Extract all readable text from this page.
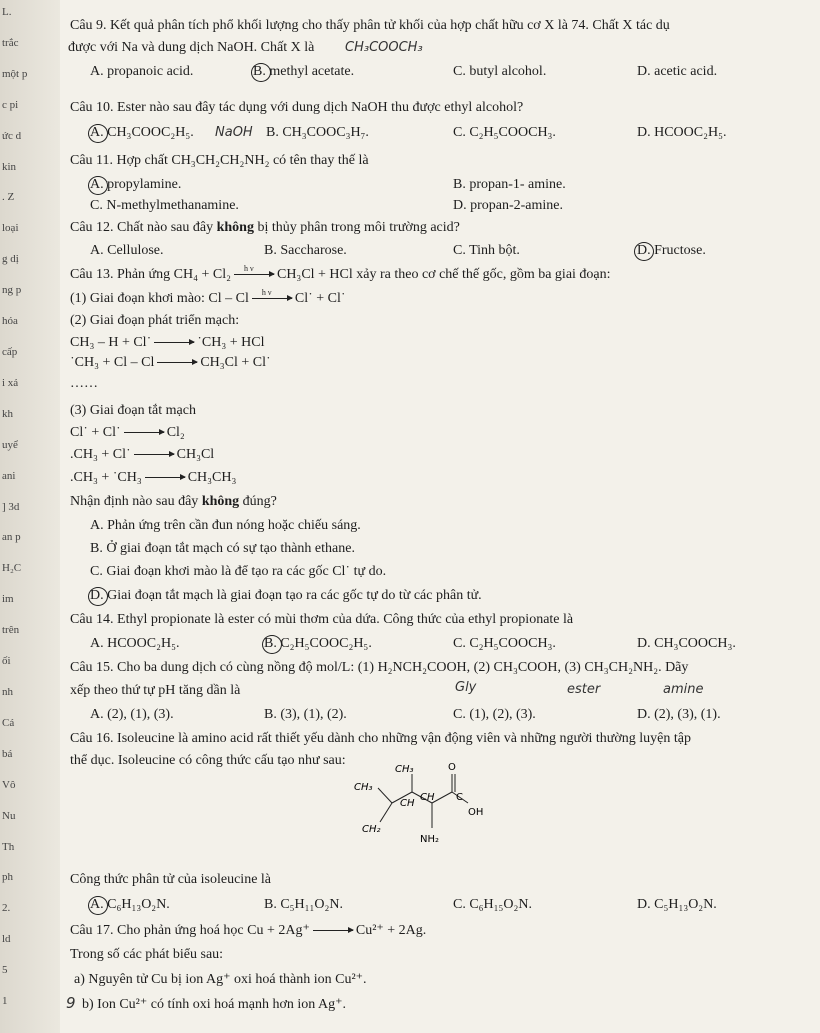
L.
trắc
một p
c pi
ức d
kin
. Z
loại
g dị
ng p
hóa
cấp
i xả
kh
uyể
ani
] 3d
an p
H₂C
im
trên
ối
nh
Cá
bá
Vô
Nu
Th
ph
2.
ld
5
1
Câu 9. Kết quả phân tích phổ khối lượng cho thấy phân tử khối của hợp chất hữu cơ X là 74. Chất X tác dụ
được với Na và dung dịch NaOH. Chất X là CH₃COOCH₃
A. propanoic acid.	B. methyl acetate.	C. butyl alcohol.	D. acetic acid.
Câu 10. Ester nào sau đây tác dụng với dung dịch NaOH thu được ethyl alcohol?
A. CH₃COOC₂H₅. NaOH B. CH₃COOC₃H₇.	C. C₂H₅COOCH₃.	D. HCOOC₂H₅.
Câu 11. Hợp chất CH₃CH₂CH₂NH₂ có tên thay thế là
A. propylamine.	B. propan-1- amine.
C. N-methylmethanamine.	D. propan-2-amine.
Câu 12. Chất nào sau đây không bị thủy phân trong môi trường acid?
A. Cellulose.	B. Saccharose.	C. Tinh bột.	D. Fructose.
Câu 13. Phản ứng CH₄ + Cl₂ h ν CH₃Cl + HCl xảy ra theo cơ chế thế gốc, gồm ba giai đoạn:
(1) Giai đoạn khơi mào: Cl – Cl h ν Cl˙ + Cl˙
(2) Giai đoạn phát triển mạch:
CH₃ – H + Cl˙ → ˙CH₃ + HCl
˙CH₃ + Cl – Cl → CH₃Cl + Cl˙
……
(3) Giai đoạn tắt mạch
Cl˙ + Cl˙ → Cl₂
.CH₃ + Cl˙ → CH₃Cl
.CH₃ + ˙CH₃ → CH₃CH₃
Nhận định nào sau đây không đúng?
A. Phản ứng trên cần đun nóng hoặc chiếu sáng.
B. Ở giai đoạn tắt mạch có sự tạo thành ethane.
C. Giai đoạn khơi mào là để tạo ra các gốc Cl˙ tự do.
D. Giai đoạn tắt mạch là giai đoạn tạo ra các gốc tự do từ các phân tử.
Câu 14. Ethyl propionate là ester có mùi thơm của dứa. Công thức của ethyl propionate là
A. HCOOC₂H₅.	B. C₂H₅COOC₂H₅.	C. C₂H₅COOCH₃.	D. CH₃COOCH₃.
Câu 15. Cho ba dung dịch có cùng nồng độ mol/L: (1) H₂NCH₂COOH, (2) CH₃COOH, (3) CH₃CH₂NH₂. Dãy
xếp theo thứ tự pH tăng dần là	Gly	ester	amine
A. (2), (1), (3).	B. (3), (1), (2).	C. (1), (2), (3).	D. (2), (3), (1).
Câu 16. Isoleucine là amino acid rất thiết yếu dành cho những vận động viên và những người thường luyện tập
thể dục. Isoleucine có công thức cấu tạo như sau:
CH₃
CH₃
CH
CH C
O
OH
CH₂
NH₂
Công thức phân tử của isoleucine là
A. C₆H₁₃O₂N.	B. C₅H₁₁O₂N.	C. C₆H₁₅O₂N.	D. C₅H₁₃O₂N.
Câu 17. Cho phản ứng hoá học Cu + 2Ag⁺ → Cu²⁺ + 2Ag.
Trong số các phát biểu sau:
a) Nguyên tử Cu bị ion Ag⁺ oxi hoá thành ion Cu²⁺.
9 b) Ion Cu²⁺ có tính oxi hoá mạnh hơn ion Ag⁺.
